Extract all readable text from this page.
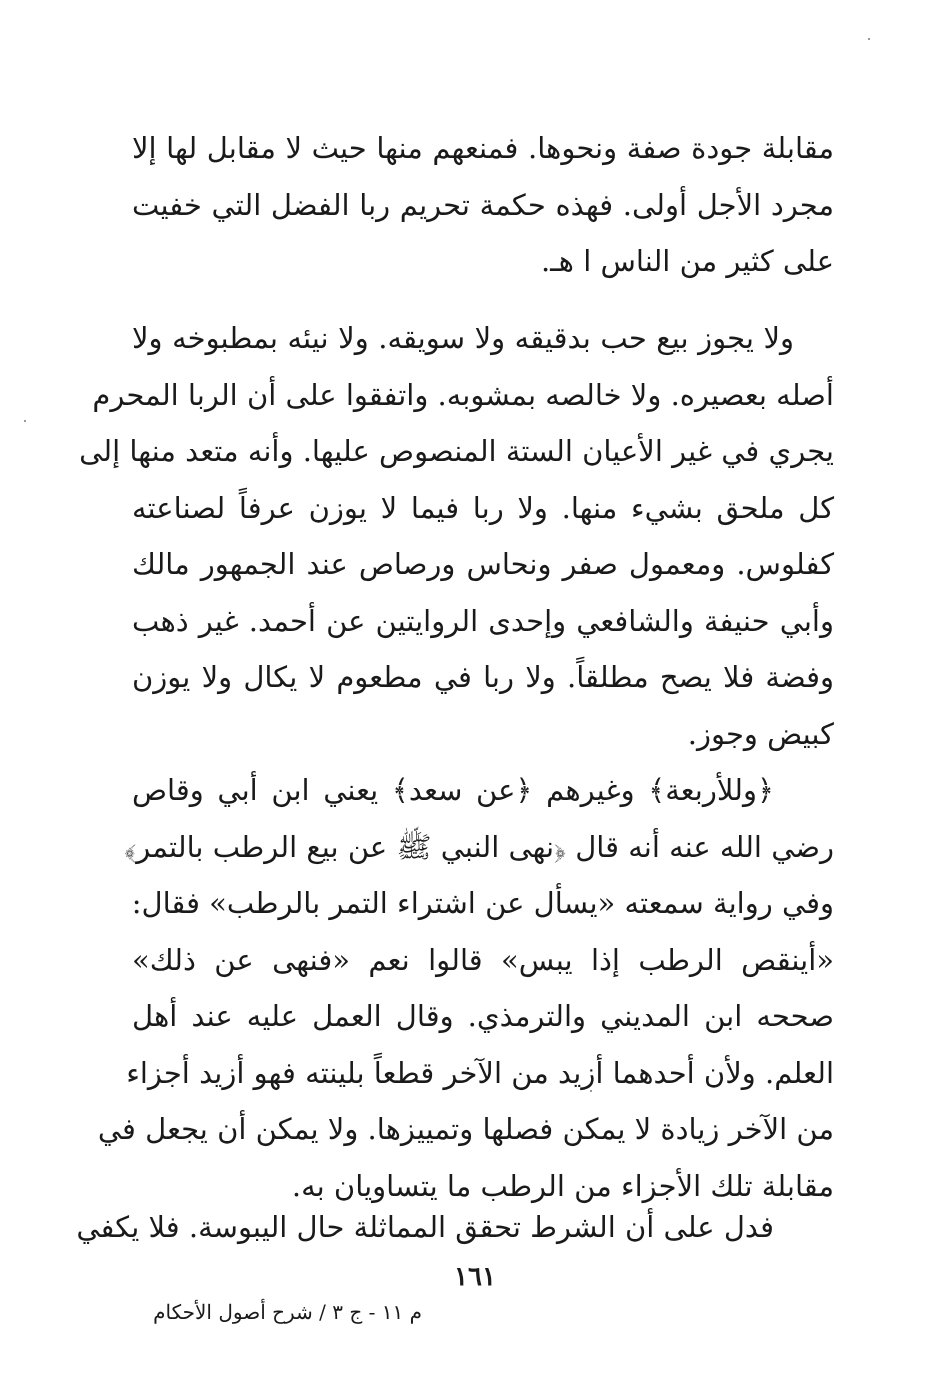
مقابلة جودة صفة ونحوها. فمنعهم منها حيث لا مقابل لها إلا
مجرد الأجل أولى. فهذه حكمة تحريم ربا الفضل التي خفيت
على كثير من الناس ا هـ.
ولا يجوز بيع حب بدقيقه ولا سويقه. ولا نيئه بمطبوخه ولا
أصله بعصيره. ولا خالصه بمشوبه. واتفقوا على أن الربا المحرم
يجري في غير الأعيان الستة المنصوص عليها. وأنه متعد منها إلى
كل ملحق بشيء منها. ولا ربا فيما لا يوزن عرفاً لصناعته
كفلوس. ومعمول صفر ونحاس ورصاص عند الجمهور مالك
وأبي حنيفة والشافعي وإحدى الروايتين عن أحمد. غير ذهب
وفضة فلا يصح مطلقاً. ولا ربا في مطعوم لا يكال ولا يوزن
كبيض وجوز.
﴿وللأربعة﴾ وغيرهم ﴿عن سعد﴾ يعني ابن أبي وقاص
رضي الله عنه أنه قال ﴿نهى النبي ﷺ عن بيع الرطب بالتمر﴾
وفي رواية سمعته «يسأل عن اشتراء التمر بالرطب» فقال:
«أينقص الرطب إذا يبس» قالوا نعم «فنهى عن ذلك»
صححه ابن المديني والترمذي. وقال العمل عليه عند أهل
العلم. ولأن أحدهما أزيد من الآخر قطعاً بلينته فهو أزيد أجزاء
من الآخر زيادة لا يمكن فصلها وتمييزها. ولا يمكن أن يجعل في
مقابلة تلك الأجزاء من الرطب ما يتساويان به.
فدل على أن الشرط تحقق المماثلة حال اليبوسة. فلا يكفي
١٦١
م ١١ - ج ٣ / شرح أصول الأحكام
